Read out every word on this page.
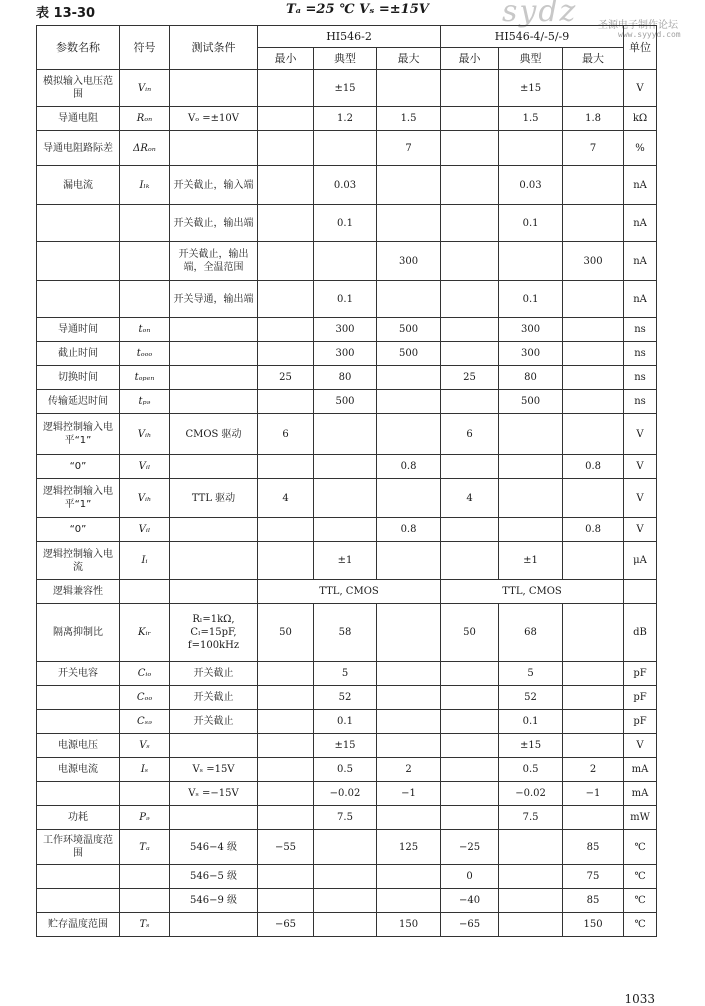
表 13-30	Tₐ =25 ℃ Vₛ =±15V sydz 圣源电子制作论坛
www.syyyd.com
参数名称	符号	测试条件	HI546-2			HI546-4/-5/-9			单位
			最小	典型	最大	最小	典型	最大	
模拟输入电压范围	Vᵢₙ			±15			±15		V
导通电阻	Rₒₙ	Vₒ =±10V		1.2	1.5		1.5	1.8	kΩ
导通电阻路际差	ΔRₒₙ				7			7	%
漏电流	Iₗₖ	开关截止，输入端		0.03			0.03		nA
		开关截止，输出端		0.1			0.1		nA
		开关截止，输出端，全温范围			300			300	nA
		开关导通，输出端		0.1			0.1		nA
导通时间	tₒₙ			300	500		300		ns
截止时间	tₒₒₒ			300	500		300		ns
切换时间	tₒₚₑₙ		25	80		25	80		ns
传输延迟时间	tₚₔ			500			500		ns
逻辑控制输入电平“1”	Vᵢₕ	CMOS 驱动	6			6			V
“0”	Vᵢₗ				0.8			0.8	V
逻辑控制输入电平“1”	Vᵢₕ	TTL 驱动	4			4			V
“0”	Vᵢₗ				0.8			0.8	V
逻辑控制输入电流	Iᵢ			±1			±1		μA
逻辑兼容性			TTL, CMOS			TTL, CMOS			
隔离抑制比	Kᵢᵣ	Rₗ=1kΩ, Cₗ=15pF, f=100kHz	50	58		50	68		dB
开关电容	Cᵢₒ	开关截止		5			5		pF
	Cₒₒ	开关截止		52			52		pF
	Cₛₔ	开关截止		0.1			0.1		pF
电源电压	Vₛ			±15			±15		V
电源电流	Iₛ	Vₛ =15V		0.5	2		0.5	2	mA
		Vₛ =−15V		−0.02	−1		−0.02	−1	mA
功耗	Pₔ			7.5			7.5		mW
工作环境温度范围	Tₐ	546−4 级	−55		125	−25		85	℃
		546−5 级				0		75	℃
		546−9 级				−40		85	℃
贮存温度范围	Tₛ		−65		150	−65		150	℃
1033
